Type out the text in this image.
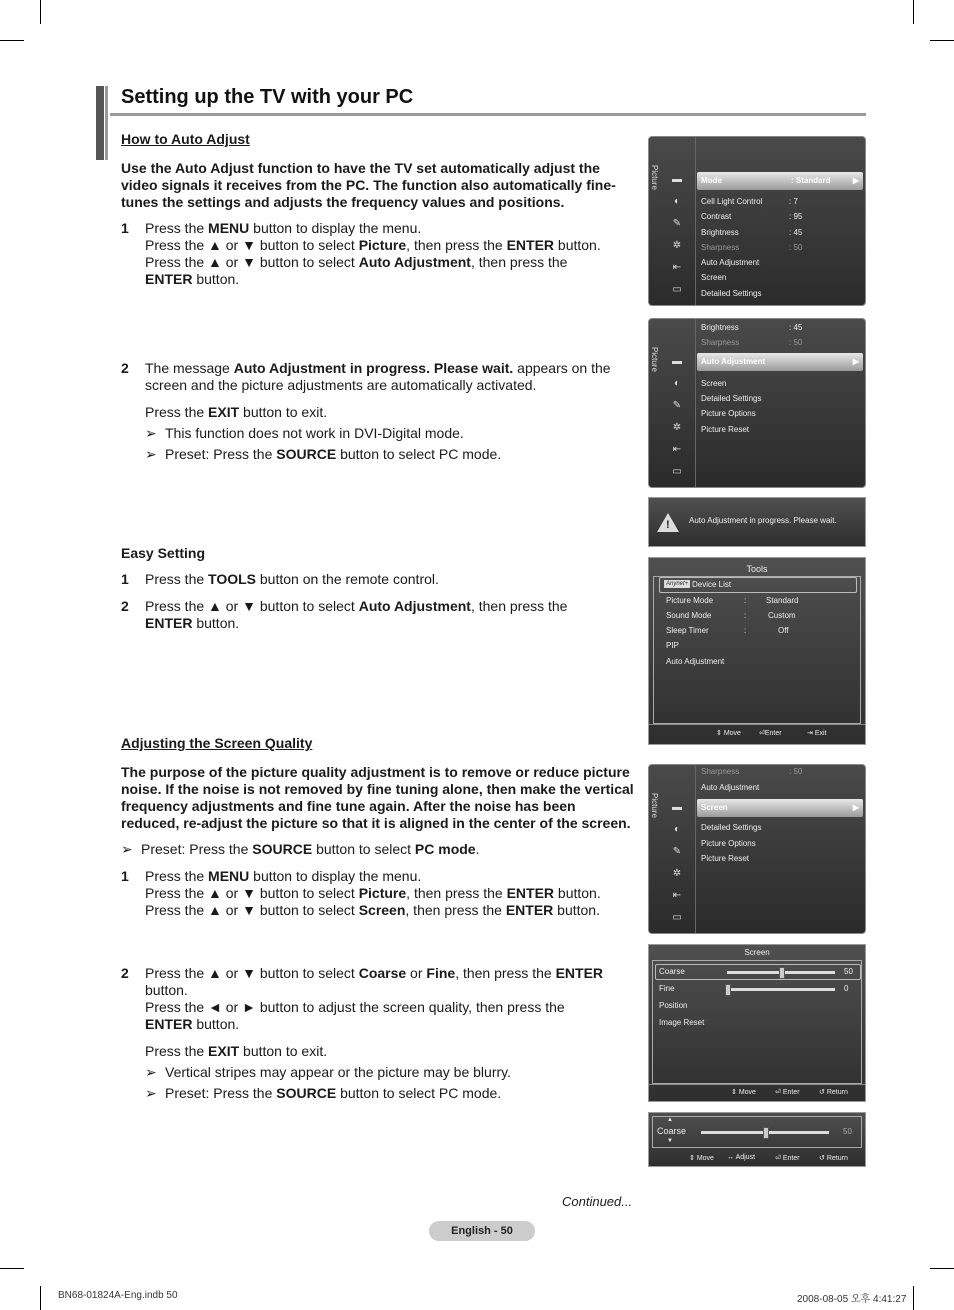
Setting up the TV with your PC
How to Auto Adjust
Use the Auto Adjust function to have the TV set automatically adjust the video signals it receives from the PC. The function also automatically fine-tunes the settings and adjusts the frequency values and positions.
1 Press the MENU button to display the menu.
Press the ▲ or ▼ button to select Picture, then press the ENTER button.
Press the ▲ or ▼ button to select Auto Adjustment, then press the ENTER button.
2 The message Auto Adjustment in progress. Please wait. appears on the screen and the picture adjustments are automatically activated.
Press the EXIT button to exit.
➢ This function does not work in DVI-Digital mode.
➢ Preset: Press the SOURCE button to select PC mode.
Easy Setting
1 Press the TOOLS button on the remote control.
2 Press the ▲ or ▼ button to select Auto Adjustment, then press the ENTER button.
Adjusting the Screen Quality
The purpose of the picture quality adjustment is to remove or reduce picture noise. If the noise is not removed by fine tuning alone, then make the vertical frequency adjustments and fine tune again. After the noise has been reduced, re-adjust the picture so that it is aligned in the center of the screen.
➢ Preset: Press the SOURCE button to select PC mode.
1 Press the MENU button to display the menu.
Press the ▲ or ▼ button to select Picture, then press the ENTER button.
Press the ▲ or ▼ button to select Screen, then press the ENTER button.
2 Press the ▲ or ▼ button to select Coarse or Fine, then press the ENTER button.
Press the ◄ or ► button to adjust the screen quality, then press the ENTER button.
Press the EXIT button to exit.
➢ Vertical stripes may appear or the picture may be blurry.
➢ Preset: Press the SOURCE button to select PC mode.
Picture ▬
◐
✎
✲
⇤
▭
Mode	: Standard	▶
Cell Light Control	: 7
Contrast	: 95
Brightness	: 45
Sharpness	: 50
Auto Adjustment
Screen
Detailed Settings
Picture ▬
◐
✎
✲
⇤
▭
Brightness	: 45
Sharpness	: 50
Auto Adjustment	▶
Screen
Detailed Settings
Picture Options
Picture Reset
! Auto Adjustment in progress. Please wait.
Tools
Anynet+ Device List
Picture Mode	: Standard
Sound Mode	:	Custom
Sleep Timer	:	Off
PIP
Auto Adjustment
⇕ Move	⏎Enter	⇥ Exit
Picture ▬
◐
✎
✲
⇤
▭
Sharpness	: 50
Auto Adjustment
Screen	▶
Detailed Settings
Picture Options
Picture Reset
Screen
Coarse	50
Fine	0
Position
Image Reset
⇕ Move	⏎ Enter	↺ Return
▲
Coarse
▼
50
⇕ Move ↔ Adjust	⏎ Enter	↺ Return
Continued...
English - 50
BN68-01824A-Eng.indb 50	2008-08-05 오후 4:41:27
